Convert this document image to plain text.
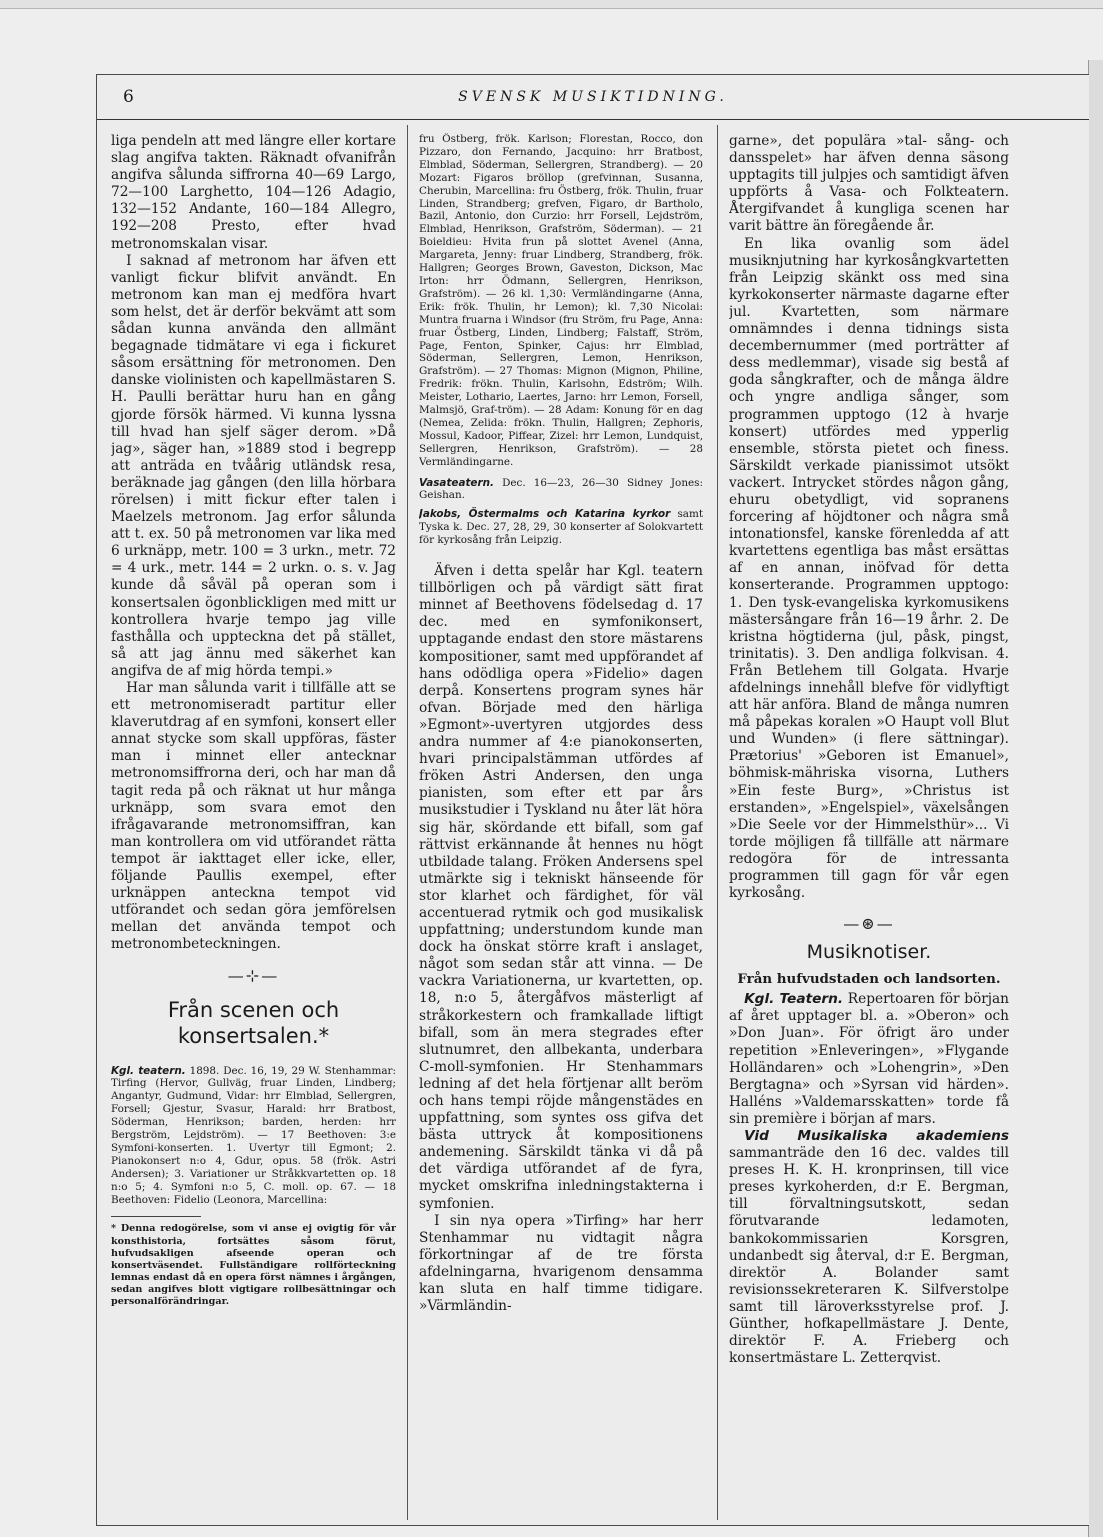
6	SVENSK MUSIKTIDNING.

liga pendeln att med längre eller kortare slag angifva takten. Räknadt ofvanifrån angifva sålunda siffrorna 40—69 Largo, 72—100 Larghetto, 104—126 Adagio, 132—152 Andante, 160—184 Allegro, 192—208 Presto, efter hvad metronomskalan visar.

I saknad af metronom har äfven ett vanligt fickur blifvit användt. En metronom kan man ej medföra hvart som helst, det är derför bekvämt att som sådan kunna använda den allmänt begagnade tidmätare vi ega i fickuret såsom ersättning för metronomen. Den danske violinisten och kapellmästaren S. H. Paulli berättar huru han en gång gjorde försök härmed. Vi kunna lyssna till hvad han sjelf säger derom. »Då jag», säger han, »1889 stod i begrepp att anträda en tvåårig utländsk resa, beräknade jag gången (den lilla hörbara rörelsen) i mitt fickur efter talen i Maelzels metronom. Jag erfor sålunda att t. ex. 50 på metronomen var lika med 6 urknäpp, metr. 100 = 3 urkn., metr. 72 = 4 urk., metr. 144 = 2 urkn. o. s. v. Jag kunde då såväl på operan som i konsertsalen ögonblickligen med mitt ur kontrollera hvarje tempo jag ville fasthålla och uppteckna det på stället, så att jag ännu med säkerhet kan angifva de af mig hörda tempi.»

Har man sålunda varit i tillfälle att se ett metronomiseradt partitur eller klaverutdrag af en symfoni, konsert eller annat stycke som skall uppföras, fäster man i minnet eller antecknar metronomsiffrorna deri, och har man då tagit reda på och räknat ut hur många urknäpp, som svara emot den ifrågavarande metronomsiffran, kan man kontrollera om vid utförandet rätta tempot är iakttaget eller icke, eller, följande Paullis exempel, efter urknäppen anteckna tempot vid utförandet och sedan göra jemförelsen mellan det använda tempot och metronombeteckningen.

—⊹—
Från scenen och konsertsalen.*

Kgl. teatern. 1898. Dec. 16, 19, 29 W. Stenhammar: Tirfing (Hervor, Gullväg, fruar Linden, Lindberg; Angantyr, Gudmund, Vidar: hrr Elmblad, Sellergren, Forsell; Gjestur, Svasur, Harald: hrr Bratbost, Söderman, Henrikson; barden, herden: hrr Bergström, Lejdström). — 17 Beethoven: 3:e Symfoni-konserten. 1. Uvertyr till Egmont; 2. Pianokonsert n:o 4, Gdur, opus. 58 (frök. Astri Andersen); 3. Variationer ur Stråkkvartetten op. 18 n:o 5; 4. Symfoni n:o 5, C. moll. op. 67. — 18 Beethoven: Fidelio (Leonora, Marcellina:

* Denna redogörelse, som vi anse ej ovigtig för vår konsthistoria, fortsättes såsom förut, hufvudsakligen afseende operan och konsertväsendet. Fullständigare rollförteckning lemnas endast då en opera först nämnes i årgången, sedan angifves blott vigtigare rollbesättningar och personalförändringar.

fru Östberg, frök. Karlson; Florestan, Rocco, don Pizzaro, don Fernando, Jacquino: hrr Bratbost, Elmblad, Söderman, Sellergren, Strandberg). — 20 Mozart: Figaros bröllop (grefvinnan, Susanna, Cherubin, Marcellina: fru Östberg, frök. Thulin, fruar Linden, Strandberg; grefven, Figaro, dr Bartholo, Bazil, Antonio, don Curzio: hrr Forsell, Lejdström, Elmblad, Henrikson, Grafström, Söderman). — 21 Boieldieu: Hvita frun på slottet Avenel (Anna, Margareta, Jenny: fruar Lindberg, Strandberg, frök. Hallgren; Georges Brown, Gaveston, Dickson, Mac Irton: hrr Ödmann, Sellergren, Henrikson, Grafström). — 26 kl. 1,30: Vermländingarne (Anna, Erik: frök. Thulin, hr Lemon); kl. 7,30 Nicolai: Muntra fruarna i Windsor (fru Ström, fru Page, Anna: fruar Östberg, Linden, Lindberg; Falstaff, Ström, Page, Fenton, Spinker, Cajus: hrr Elmblad, Söderman, Sellergren, Lemon, Henrikson, Grafström). — 27 Thomas: Mignon (Mignon, Philine, Fredrik: frökn. Thulin, Karlsohn, Edström; Wilh. Meister, Lothario, Laertes, Jarno: hrr Lemon, Forsell, Malmsjö, Graf-tröm). — 28 Adam: Konung för en dag (Nemea, Zelida: frökn. Thulin, Hallgren; Zephoris, Mossul, Kadoor, Piffear, Zizel: hrr Lemon, Lundquist, Sellergren, Henrikson, Grafström). — 28 Vermländingarne.

Vasateatern. Dec. 16—23, 26—30 Sidney Jones: Geishan.

Jakobs, Östermalms och Katarina kyrkor samt Tyska k. Dec. 27, 28, 29, 30 konserter af Solokvartett för kyrkosång från Leipzig.

Äfven i detta spelår har Kgl. teatern tillbörligen och på värdigt sätt firat minnet af Beethovens födelsedag d. 17 dec. med en symfonikonsert, upptagande endast den store mästarens kompositioner, samt med uppförandet af hans odödliga opera »Fidelio» dagen derpå. Konsertens program synes här ofvan. Började med den härliga »Egmont»-uvertyren utgjordes dess andra nummer af 4:e pianokonserten, hvari principalstämman utfördes af fröken Astri Andersen, den unga pianisten, som efter ett par års musikstudier i Tyskland nu åter lät höra sig här, skördande ett bifall, som gaf rättvist erkännande åt hennes nu högt utbildade talang. Fröken Andersens spel utmärkte sig i tekniskt hänseende för stor klarhet och färdighet, för väl accentuerad rytmik och god musikalisk uppfattning; understundom kunde man dock ha önskat större kraft i anslaget, något som sedan står att vinna. — De vackra Variationerna, ur kvartetten, op. 18, n:o 5, återgåfvos mästerligt af stråkorkestern och framkallade liftigt bifall, som än mera stegrades efter slutnumret, den allbekanta, underbara C-moll-symfonien. Hr Stenhammars ledning af det hela förtjenar allt beröm och hans tempi röjde mångenstädes en uppfattning, som syntes oss gifva det bästa uttryck åt kompositionens andemening. Särskildt tänka vi då på det värdiga utförandet af de fyra, mycket omskrifna inledningstakterna i symfonien.

I sin nya opera »Tirfing» har herr Stenhammar nu vidtagit några förkortningar af de tre första afdelningarna, hvarigenom densamma kan sluta en half timme tidigare. »Värmländin-

garne», det populära »tal- sång- och dansspelet» har äfven denna säsong upptagits till julpjes och samtidigt äfven uppförts å Vasa- och Folkteatern. Återgifvandet å kungliga scenen har varit bättre än föregående år.

En lika ovanlig som ädel musiknjutning har kyrkosångkvartetten från Leipzig skänkt oss med sina kyrkokonserter närmaste dagarne efter jul. Kvartetten, som närmare omnämndes i denna tidnings sista decembernummer (med porträtter af dess medlemmar), visade sig bestå af goda sångkrafter, och de många äldre och yngre andliga sånger, som programmen upptogo (12 à hvarje konsert) utfördes med ypperlig ensemble, största pietet och finess. Särskildt verkade pianissimot utsökt vackert. Intrycket stördes någon gång, ehuru obetydligt, vid sopranens forcering af höjdtoner och några små intonationsfel, kanske förenledda af att kvartettens egentliga bas måst ersättas af en annan, inöfvad för detta konserterande. Programmen upptogo: 1. Den tysk-evangeliska kyrkomusikens mästersångare från 16—19 århr. 2. De kristna högtiderna (jul, påsk, pingst, trinitatis). 3. Den andliga folkvisan. 4. Från Betlehem till Golgata. Hvarje afdelnings innehåll blefve för vidlyftigt att här anföra. Bland de många numren må påpekas koralen »O Haupt voll Blut und Wunden» (i flere sättningar). Prætorius' »Geboren ist Emanuel», böhmisk-mähriska visorna, Luthers »Ein feste Burg», »Christus ist erstanden», »Engelspiel», växelsången »Die Seele vor der Himmelsthür»... Vi torde möjligen få tillfälle att närmare redogöra för de intressanta programmen till gagn för vår egen kyrkosång.

—⊛—
Musiknotiser.
Från hufvudstaden och landsorten.

Kgl. Teatern. Repertoaren för början af året upptager bl. a. »Oberon» och »Don Juan». För öfrigt äro under repetition »Enleveringen», »Flygande Holländaren» och »Lohengrin», »Den Bergtagna» och »Syrsan vid härden». Halléns »Valdemarsskatten» torde få sin première i början af mars.

Vid Musikaliska akademiens sammanträde den 16 dec. valdes till preses H. K. H. kronprinsen, till vice preses kyrkoherden, d:r E. Bergman, till förvaltningsutskott, sedan förutvarande ledamoten, bankokommissarien Korsgren, undanbedt sig återval, d:r E. Bergman, direktör A. Bolander samt revisionssekreteraren K. Silfverstolpe samt till läroverksstyrelse prof. J. Günther, hofkapellmästare J. Dente, direktör F. A. Frieberg och konsertmästare L. Zetterqvist.
